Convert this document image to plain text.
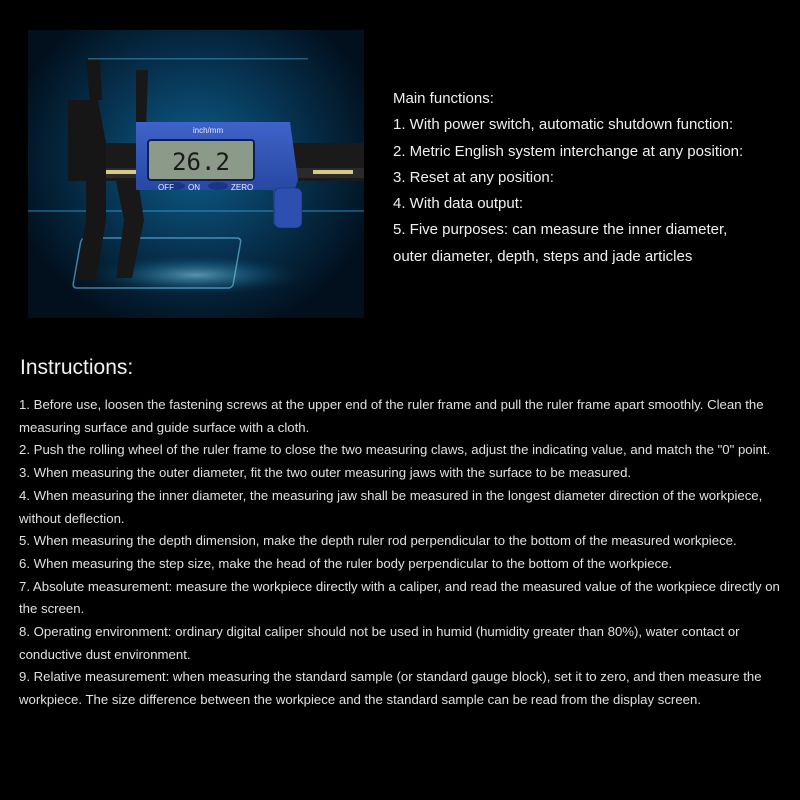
26.2
inch/mm
OFF ON	ZERO
Main functions:
1. With power switch, automatic shutdown function:
2. Metric English system interchange at any position:
3. Reset at any position:
4. With data output:
5. Five purposes: can measure the inner diameter,
outer diameter, depth, steps and jade articles
Instructions:
1. Before use, loosen the fastening screws at the upper end of the ruler frame and pull the ruler frame apart smoothly. Clean the measuring surface and guide surface with a cloth.
2. Push the rolling wheel of the ruler frame to close the two measuring claws, adjust the indicating value, and match the "0" point.
3. When measuring the outer diameter, fit the two outer measuring jaws with the surface to be measured.
4. When measuring the inner diameter, the measuring jaw shall be measured in the longest diameter direction of the workpiece, without deflection.
5. When measuring the depth dimension, make the depth ruler rod perpendicular to the bottom of the measured workpiece.
6. When measuring the step size, make the head of the ruler body perpendicular to the bottom of the workpiece.
7. Absolute measurement: measure the workpiece directly with a caliper, and read the measured value of the workpiece directly on the screen.
8. Operating environment: ordinary digital caliper should not be used in humid (humidity greater than 80%), water contact or conductive dust environment.
9. Relative measurement: when measuring the standard sample (or standard gauge block), set it to zero, and then measure the workpiece. The size difference between the workpiece and the standard sample can be read from the display screen.
